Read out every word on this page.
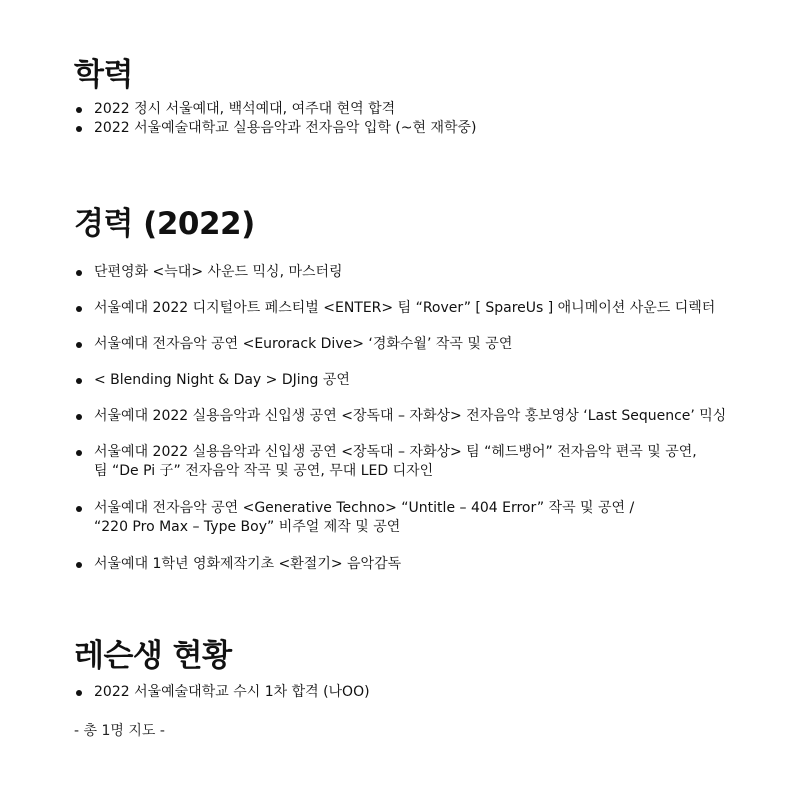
학력
2022 정시 서울예대, 백석예대, 여주대 현역 합격
2022 서울예술대학교 실용음악과 전자음악 입학 (~현 재학중)
경력 (2022)
단편영화 <늑대> 사운드 믹싱, 마스터링
서울예대 2022 디지털아트 페스티벌 <ENTER> 팀 “Rover” [ SpareUs ] 애니메이션 사운드 디렉터
서울예대 전자음악 공연 <Eurorack Dive> ‘경화수월’ 작곡 및 공연
< Blending Night & Day > DJing 공연
서울예대 2022 실용음악과 신입생 공연 <장독대 – 자화상> 전자음악 홍보영상 ‘Last Sequence’ 믹싱
서울예대 2022 실용음악과 신입생 공연 <장독대 – 자화상> 팀 “헤드뱅어” 전자음악 편곡 및 공연,
팀 “De Pi 子” 전자음악 작곡 및 공연, 무대 LED 디자인
서울예대 전자음악 공연 <Generative Techno> “Untitle – 404 Error” 작곡 및 공연 /
“220 Pro Max – Type Boy” 비주얼 제작 및 공연
서울예대 1학년 영화제작기초 <환절기> 음악감독
레슨생 현황
2022 서울예술대학교 수시 1차 합격 (나OO)
- 총 1명 지도 -
